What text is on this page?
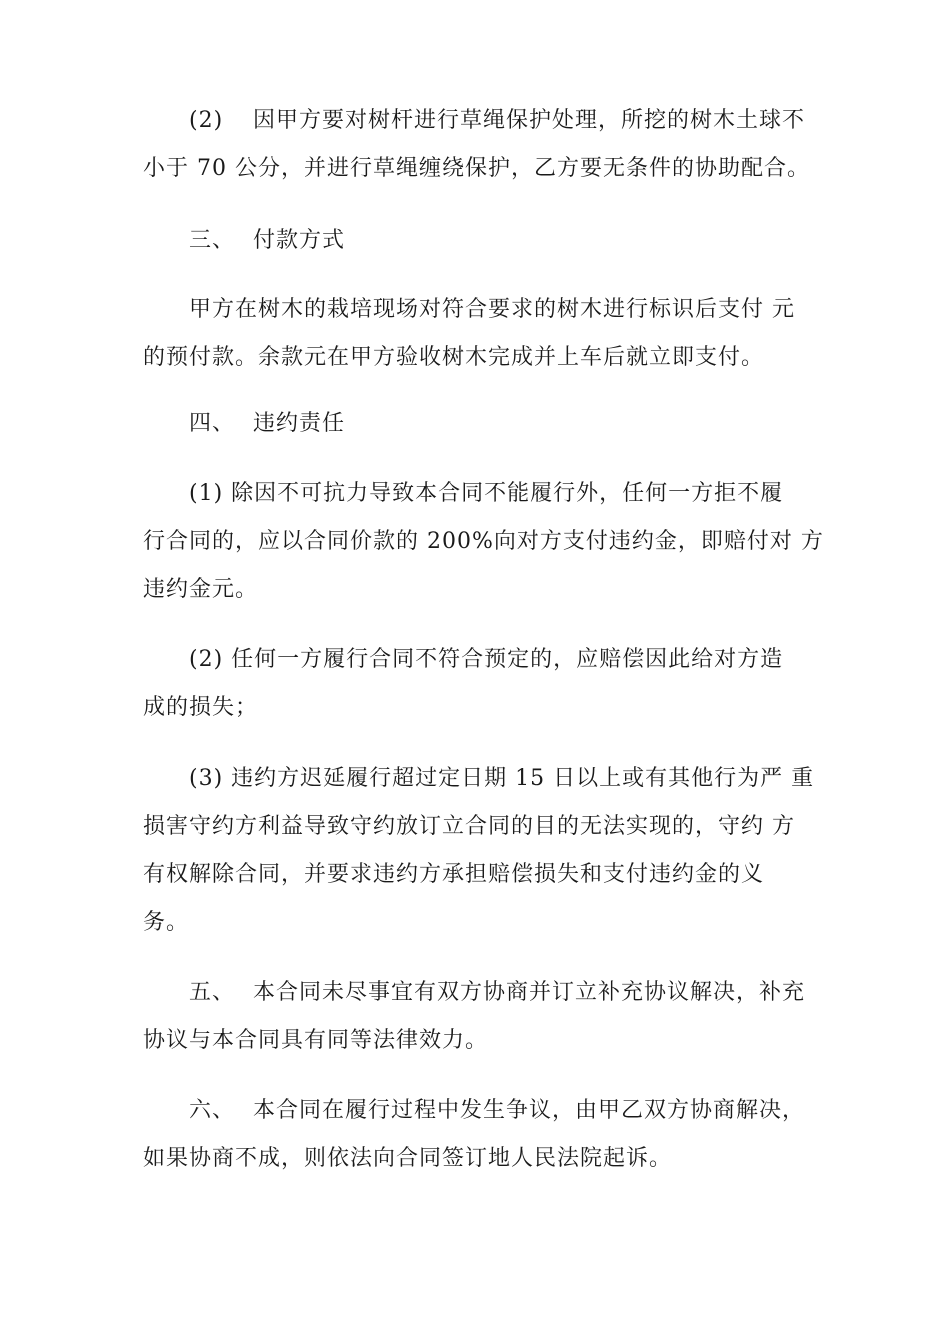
(2) 因甲方要对树杆进行草绳保护处理，所挖的树木土球不
小于 70 公分，并进行草绳缠绕保护，乙方要无条件的协助配合。
三、 付款方式
甲方在树木的栽培现场对符合要求的树木进行标识后支付 元
的预付款。余款元在甲方验收树木完成并上车后就立即支付。
四、 违约责任
(1) 除因不可抗力导致本合同不能履行外，任何一方拒不履
行合同的，应以合同价款的 200%向对方支付违约金，即赔付对 方
违约金元。
(2) 任何一方履行合同不符合预定的，应赔偿因此给对方造
成的损失；
(3) 违约方迟延履行超过定日期 15 日以上或有其他行为严 重
损害守约方利益导致守约放订立合同的目的无法实现的，守约 方
有权解除合同，并要求违约方承担赔偿损失和支付违约金的义
务。
五、 本合同未尽事宜有双方协商并订立补充协议解决，补充
协议与本合同具有同等法律效力。
六、 本合同在履行过程中发生争议，由甲乙双方协商解决，
如果协商不成，则依法向合同签订地人民法院起诉。
